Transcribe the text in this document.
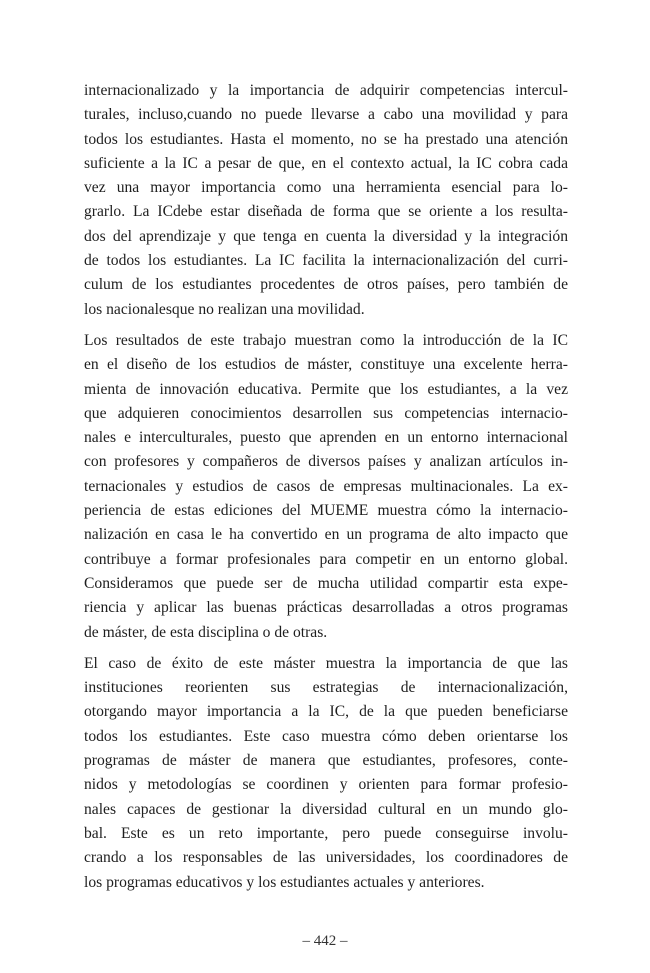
internacionalizado y la importancia de adquirir competencias intercul-
turales, incluso,cuando no puede llevarse a cabo una movilidad y para
todos los estudiantes. Hasta el momento, no se ha prestado una atención
suficiente a la IC a pesar de que, en el contexto actual, la IC cobra cada
vez una mayor importancia como una herramienta esencial para lo-
grarlo. La ICdebe estar diseñada de forma que se oriente a los resulta-
dos del aprendizaje y que tenga en cuenta la diversidad y la integración
de todos los estudiantes. La IC facilita la internacionalización del curri-
culum de los estudiantes procedentes de otros países, pero también de
los nacionalesque no realizan una movilidad.
Los resultados de este trabajo muestran como la introducción de la IC
en el diseño de los estudios de máster, constituye una excelente herra-
mienta de innovación educativa. Permite que los estudiantes, a la vez
que adquieren conocimientos desarrollen sus competencias internacio-
nales e interculturales, puesto que aprenden en un entorno internacional
con profesores y compañeros de diversos países y analizan artículos in-
ternacionales y estudios de casos de empresas multinacionales. La ex-
periencia de estas ediciones del MUEME muestra cómo la internacio-
nalización en casa le ha convertido en un programa de alto impacto que
contribuye a formar profesionales para competir en un entorno global.
Consideramos que puede ser de mucha utilidad compartir esta expe-
riencia y aplicar las buenas prácticas desarrolladas a otros programas
de máster, de esta disciplina o de otras.
El caso de éxito de este máster muestra la importancia de que las
instituciones reorienten sus estrategias de internacionalización,
otorgando mayor importancia a la IC, de la que pueden beneficiarse
todos los estudiantes. Este caso muestra cómo deben orientarse los
programas de máster de manera que estudiantes, profesores, conte-
nidos y metodologías se coordinen y orienten para formar profesio-
nales capaces de gestionar la diversidad cultural en un mundo glo-
bal. Este es un reto importante, pero puede conseguirse involu-
crando a los responsables de las universidades, los coordinadores de
los programas educativos y los estudiantes actuales y anteriores.
– 442 –
